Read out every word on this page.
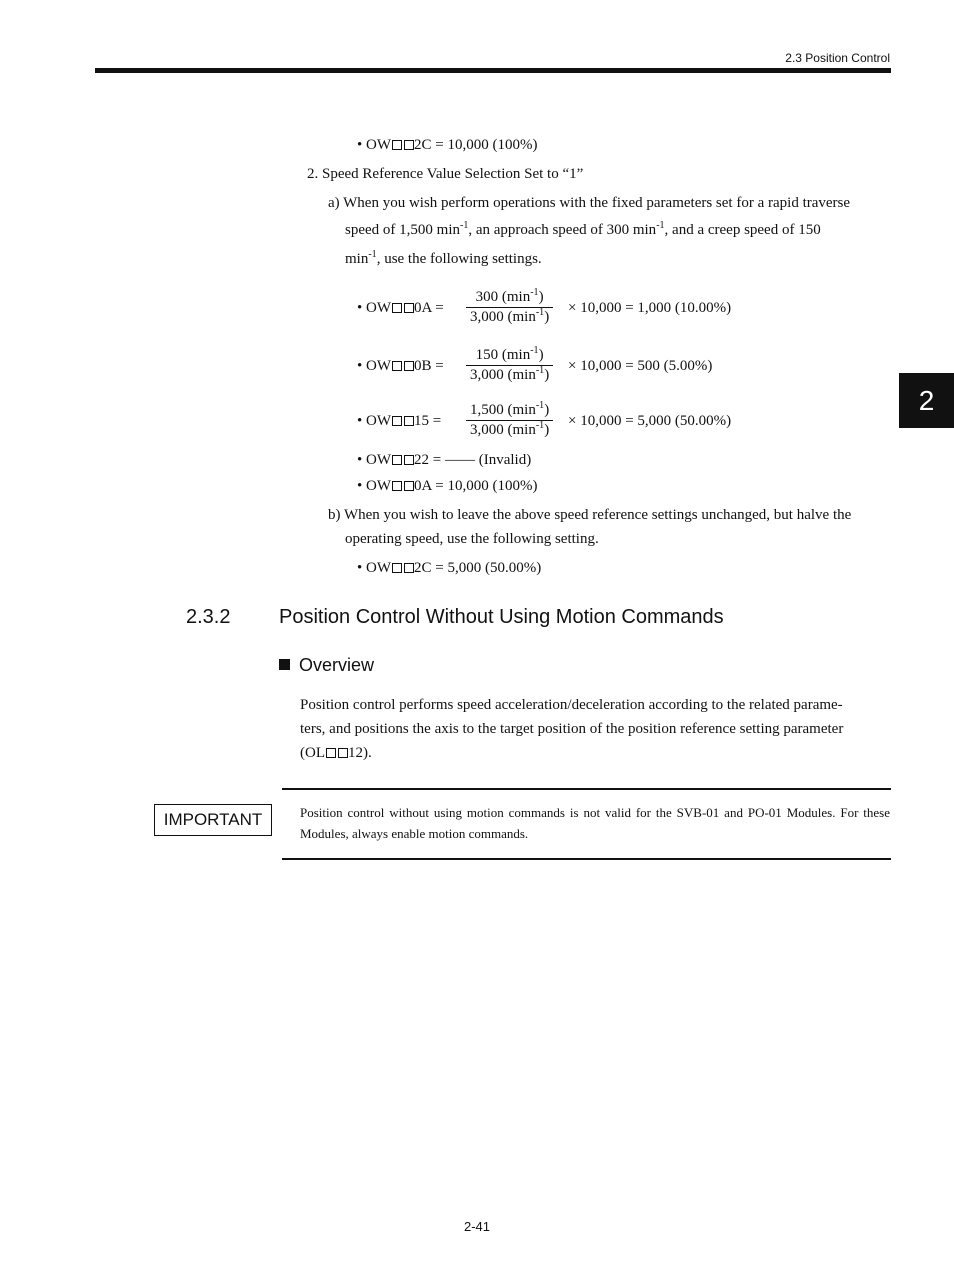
2.3 Position Control
2
• OW 2C = 10,000 (100%)
2. Speed Reference Value Selection Set to “1”
a) When you wish perform operations with the fixed parameters set for a rapid traverse
speed of 1,500 $\min^{-1}$, an approach speed of 300 $\min^{-1}$, and a creep speed of 150
$\min^{-1}$, use the following settings.
• OW 0A =
300 $(\min^{-1})$
3,000 $(\min^{-1})$
× 10,000 = 1,000 (10.00%)
• OW 0B =
150 $(\min^{-1})$
3,000 $(\min^{-1})$
× 10,000 = 500 (5.00%)
• OW 15 =
1,500 $(\min^{-1})$
3,000 $(\min^{-1})$
× 10,000 = 5,000 (50.00%)
• OW 22 = —— (Invalid)
• OW 0A = 10,000 (100%)
b) When you wish to leave the above speed reference settings unchanged, but halve the
operating speed, use the following setting.
• OW 2C = 5,000 (50.00%)
2.3.2 Position Control Without Using Motion Commands
Overview
Position control performs speed acceleration/deceleration according to the related parame-
ters, and positions the axis to the target position of the position reference setting parameter
(OL 12).
IMPORTANT	Position control without using motion commands is not valid for the SVB-01 and PO-01 Modules. For these Modules, always enable motion commands.
2-41
